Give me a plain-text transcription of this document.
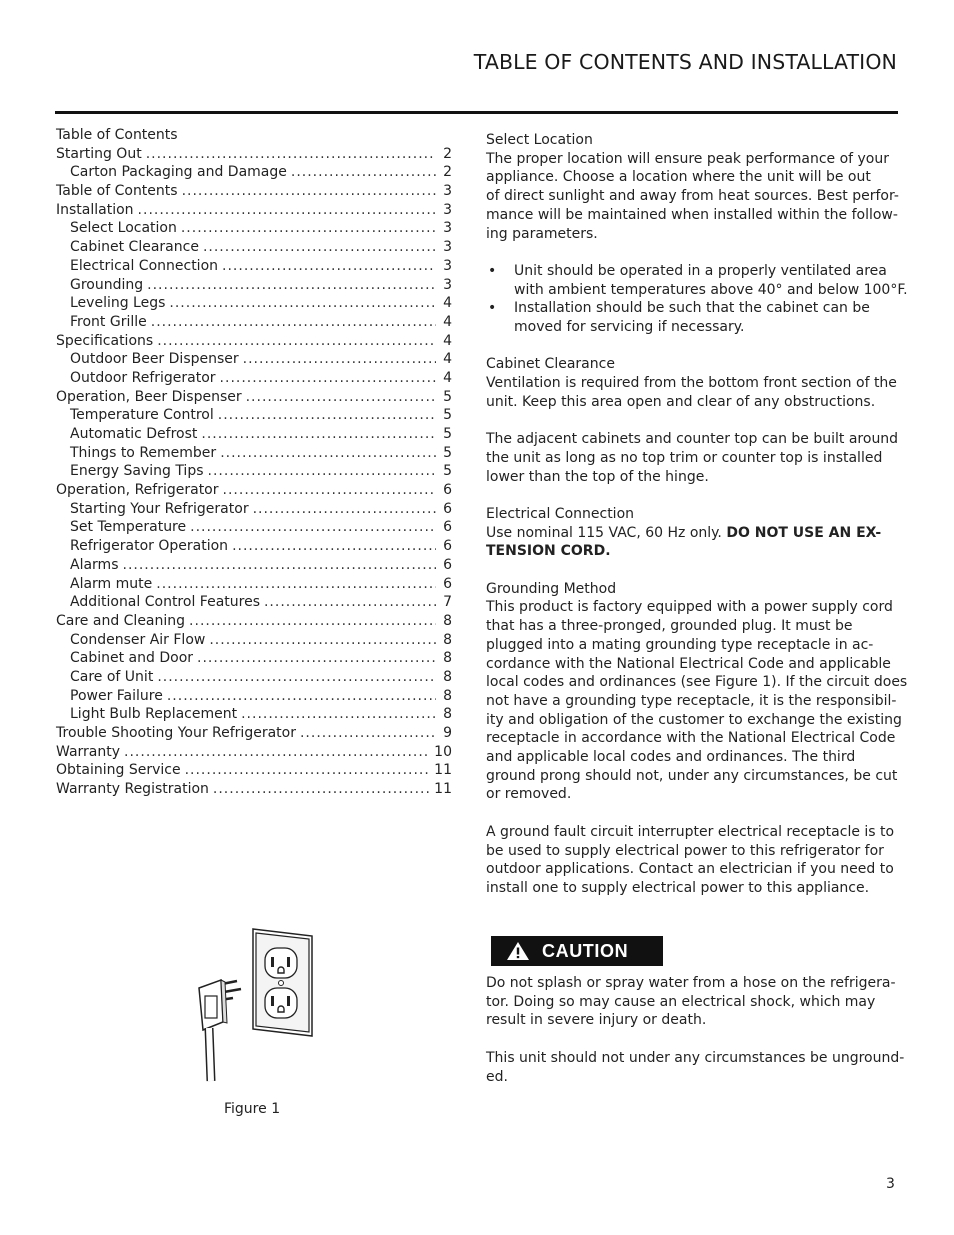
TABLE OF CONTENTS AND INSTALLATION
Table of Contents
Starting Out .....	2
Carton Packaging and Damage .....	2
Table of Contents .....	3
Installation .....	3
Select Location .....	3
Cabinet Clearance .....	3
Electrical Connection .....	3
Grounding .....	3
Leveling Legs .....	4
Front Grille .....	4
Specifications .....	4
Outdoor Beer Dispenser .....	4
Outdoor Refrigerator .....	4
Operation, Beer Dispenser .....	5
Temperature Control .....	5
Automatic Defrost .....	5
Things to Remember .....	5
Energy Saving Tips .....	5
Operation, Refrigerator .....	6
Starting Your Refrigerator .....	6
Set Temperature .....	6
Refrigerator Operation .....	6
Alarms .....	6
Alarm mute .....	6
Additional Control Features .....	7
Care and Cleaning .....	8
Condenser Air Flow .....	8
Cabinet and Door .....	8
Care of Unit .....	8
Power Failure .....	8
Light Bulb Replacement .....	8
Trouble Shooting Your Refrigerator .....	9
Warranty .....	10
Obtaining Service .....	11
Warranty Registration .....	11
Select Location
The proper location will ensure peak performance of your
appliance. Choose a location where the unit will be out
of direct sunlight and away from heat sources. Best perfor-
mance will be maintained when installed within the follow-
ing parameters.
• Unit should be operated in a properly ventilated area
with ambient temperatures above 40° and below 100°F.
• Installation should be such that the cabinet can be
moved for servicing if necessary.
Cabinet Clearance
Ventilation is required from the bottom front section of the
unit. Keep this area open and clear of any obstructions.
The adjacent cabinets and counter top can be built around
the unit as long as no top trim or counter top is installed
lower than the top of the hinge.
Electrical Connection
Use nominal 115 VAC, 60 Hz only. DO NOT USE AN EX-
TENSION CORD.
Grounding Method
This product is factory equipped with a power supply cord
that has a three-pronged, grounded plug. It must be
plugged into a mating grounding type receptacle in ac-
cordance with the National Electrical Code and applicable
local codes and ordinances (see Figure 1). If the circuit does
not have a grounding type receptacle, it is the responsibil-
ity and obligation of the customer to exchange the existing
receptacle in accordance with the National Electrical Code
and applicable local codes and ordinances. The third
ground prong should not, under any circumstances, be cut
or removed.
A ground fault circuit interrupter electrical receptacle is to
be used to supply electrical power to this refrigerator for
outdoor applications. Contact an electrician if you need to
install one to supply electrical power to this appliance.
CAUTION
Do not splash or spray water from a hose on the refrigera-
tor. Doing so may cause an electrical shock, which may
result in severe injury or death.
This unit should not under any circumstances be unground-
ed.
Figure 1
3
